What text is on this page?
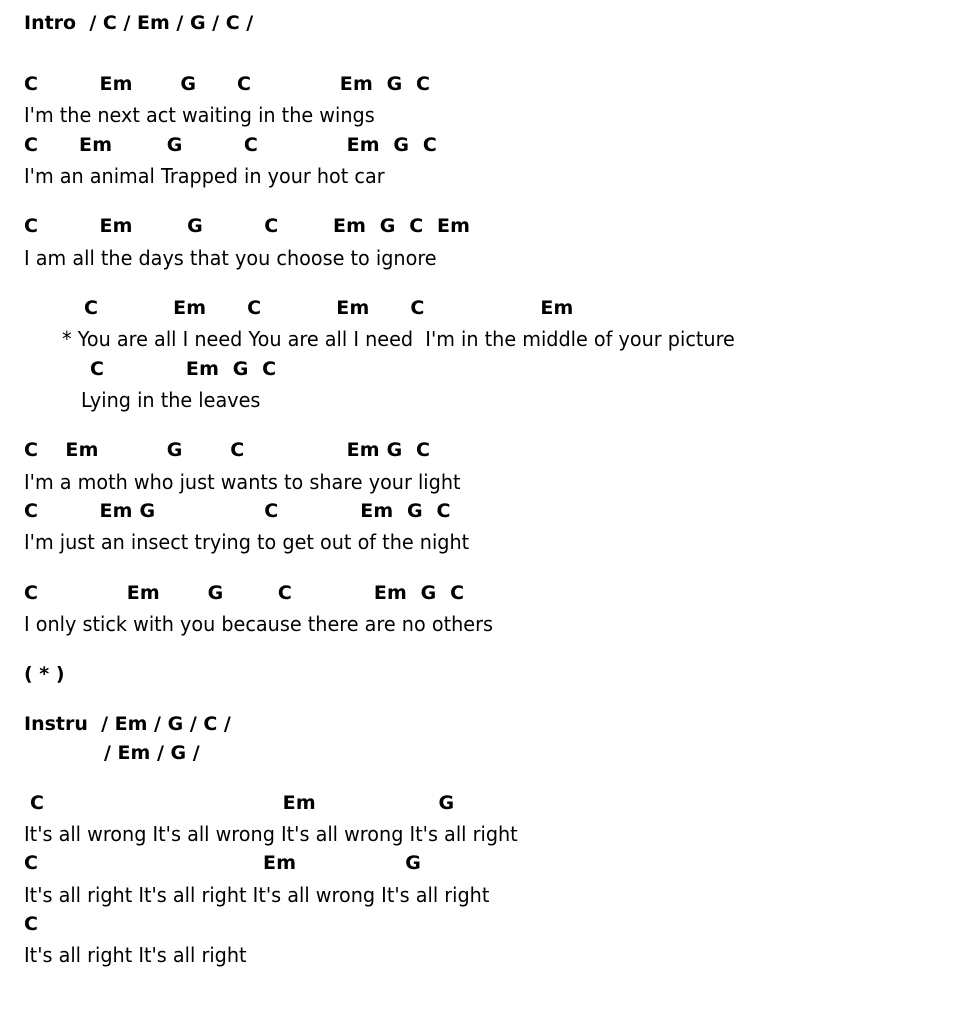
Intro  / C / Em / G / C /
C         Em       G      C             Em  G  C
I'm the next act waiting in the wings
C      Em        G         C             Em  G  C
I'm an animal Trapped in your hot car
C         Em        G         C        Em  G  C  Em
I am all the days that you choose to ignore
C           Em      C           Em      C                 Em
* You are all I need You are all I need  I'm in the middle of your picture
C            Em  G  C
Lying in the leaves
C    Em          G       C               Em G  C
I'm a moth who just wants to share your light
C         Em G                C            Em  G  C
I'm just an insect trying to get out of the night
C             Em       G        C            Em  G  C
I only stick with you because there are no others
( * )
Instru  / Em / G / C /
/ Em / G /
C                                   Em                  G
It's all wrong It's all wrong It's all wrong It's all right
C                                 Em                G
It's all right It's all right It's all wrong It's all right
C
It's all right It's all right
